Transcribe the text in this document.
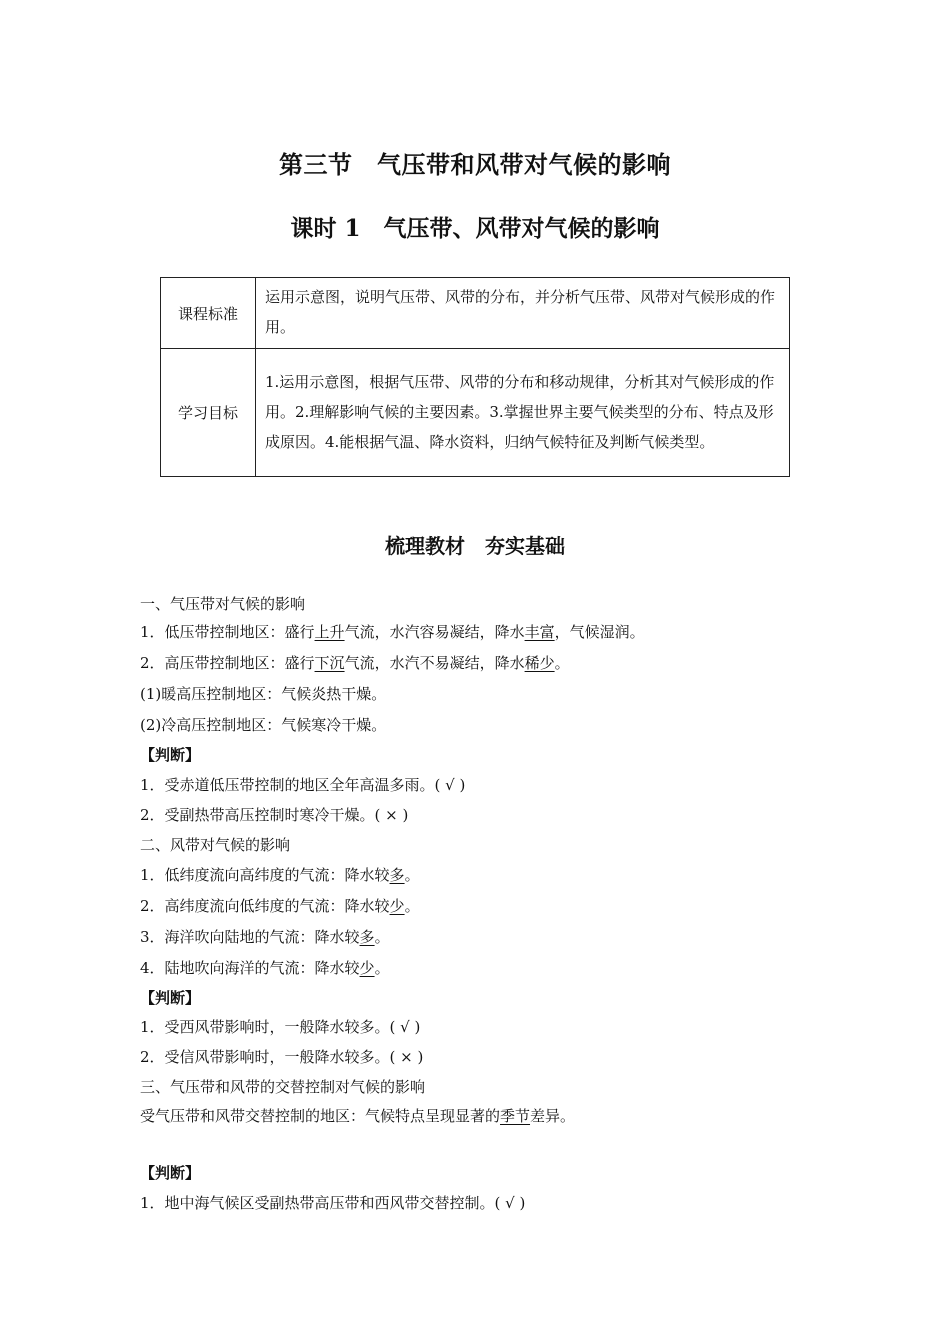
第三节　气压带和风带对气候的影响
课时 1　气压带、风带对气候的影响
课程标准	运用示意图，说明气压带、风带的分布，并分析气压带、风带对气候形成的作用。
学习目标	1.运用示意图，根据气压带、风带的分布和移动规律，分析其对气候形成的作用。2.理解影响气候的主要因素。3.掌握世界主要气候类型的分布、特点及形成原因。4.能根据气温、降水资料，归纳气候特征及判断气候类型。
梳理教材　夯实基础
一、气压带对气候的影响
1．低压带控制地区：盛行上升气流，水汽容易凝结，降水丰富，气候湿润。
2．高压带控制地区：盛行下沉气流，水汽不易凝结，降水稀少。
(1)暖高压控制地区：气候炎热干燥。
(2)冷高压控制地区：气候寒冷干燥。
【判断】
1．受赤道低压带控制的地区全年高温多雨。( √ )
2．受副热带高压控制时寒冷干燥。( × )
二、风带对气候的影响
1．低纬度流向高纬度的气流：降水较多。
2．高纬度流向低纬度的气流：降水较少。
3．海洋吹向陆地的气流：降水较多。
4．陆地吹向海洋的气流：降水较少。
【判断】
1．受西风带影响时，一般降水较多。( √ )
2．受信风带影响时，一般降水较多。( × )
三、气压带和风带的交替控制对气候的影响
受气压带和风带交替控制的地区：气候特点呈现显著的季节差异。
【判断】
1．地中海气候区受副热带高压带和西风带交替控制。( √ )
